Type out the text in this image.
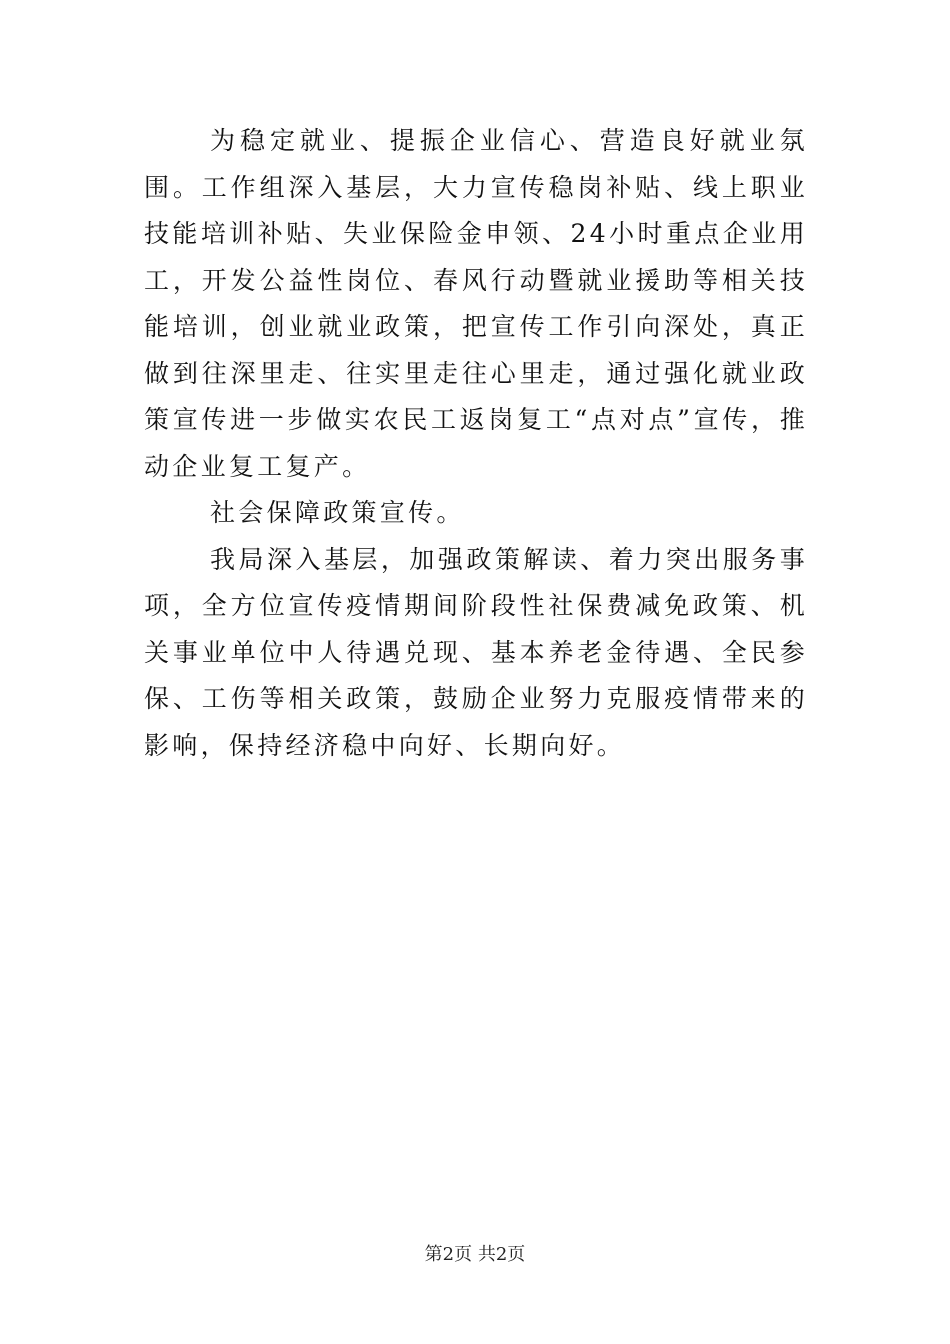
为稳定就业、提振企业信心、营造良好就业氛围。工作组深入基层，大力宣传稳岗补贴、线上职业技能培训补贴、失业保险金申领、24小时重点企业用工，开发公益性岗位、春风行动暨就业援助等相关技能培训，创业就业政策，把宣传工作引向深处，真正做到往深里走、往实里走往心里走，通过强化就业政策宣传进一步做实农民工返岗复工“点对点”宣传，推动企业复工复产。

社会保障政策宣传。

我局深入基层，加强政策解读、着力突出服务事项，全方位宣传疫情期间阶段性社保费减免政策、机关事业单位中人待遇兑现、基本养老金待遇、全民参保、工伤等相关政策，鼓励企业努力克服疫情带来的影响，保持经济稳中向好、长期向好。

第2页 共2页
